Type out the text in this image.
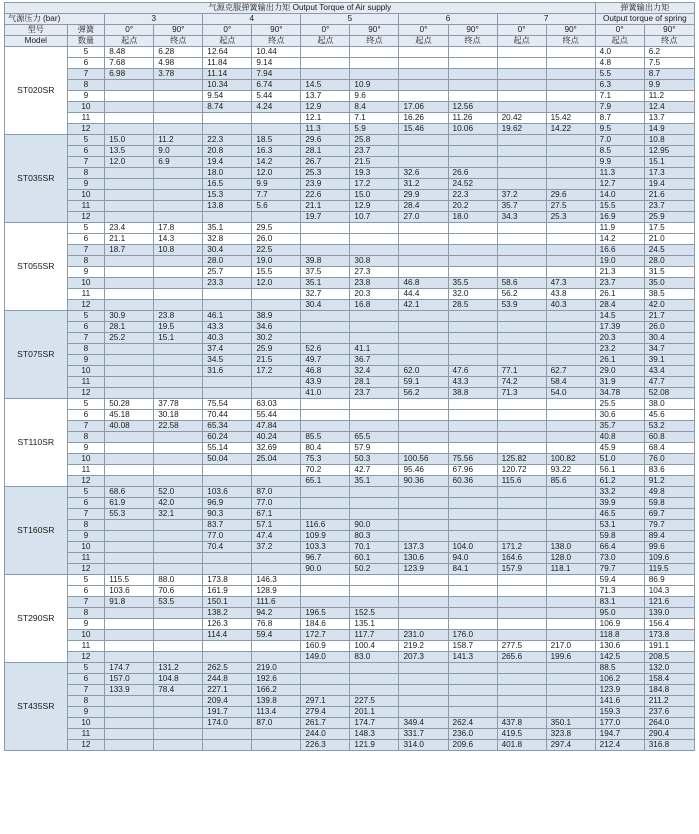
气源克服弹簧输出力矩 Output Torque of Air supply												弹簧输出力矩	
气源压力 (bar)		3		4		5		6		7		Output torque of spring	
型号	弹簧	0°	90°	0°	90°	0°	90°	0°	90°	0°	90°	0°	90°
Model	数量	起点	终点	起点	终点	起点	终点	起点	终点	起点	终点	起点	终点
ST020SR	5	8.48	6.28	12.64	10.44							4.0	6.2
	6	7.68	4.98	11.84	9.14							4.8	7.5
	7	6.98	3.78	11.14	7.94							5.5	8.7
	8			10.34	6.74	14.5	10.9					6.3	9.9
	9			9.54	5.44	13.7	9.6					7.1	11.2
	10			8.74	4.24	12.9	8.4	17.06	12.56			7.9	12.4
	11					12.1	7.1	16.26	11.26	20.42	15.42	8.7	13.7
	12					11.3	5.9	15.46	10.06	19.62	14.22	9.5	14.9
ST035SR	5	15.0	11.2	22.3	18.5	29.6	25.8					7.0	10.8
	6	13.5	9.0	20.8	16.3	28.1	23.7					8.5	12.95
	7	12.0	6.9	19.4	14.2	26.7	21.5					9.9	15.1
	8			18.0	12.0	25.3	19.3	32.6	26.6			11.3	17.3
	9			16.5	9.9	23.9	17.2	31.2	24.52			12.7	19.4
	10			15.3	7.7	22.6	15.0	29.9	22.3	37.2	29.6	14.0	21.6
	11			13.8	5.6	21.1	12.9	28.4	20.2	35.7	27.5	15.5	23.7
	12					19.7	10.7	27.0	18.0	34.3	25.3	16.9	25.9
ST055SR	5	23.4	17.8	35.1	29.5							11.9	17.5
	6	21.1	14.3	32.8	26.0							14.2	21.0
	7	18.7	10.8	30.4	22.5							16.6	24.5
	8			28.0	19.0	39.8	30.8					19.0	28.0
	9			25.7	15.5	37.5	27.3					21.3	31.5
	10			23.3	12.0	35.1	23.8	46.8	35.5	58.6	47.3	23.7	35.0
	11					32.7	20.3	44.4	32.0	56.2	43.8	26.1	38.5
	12					30.4	16.8	42.1	28.5	53.9	40.3	28.4	42.0
ST075SR	5	30.9	23.8	46.1	38.9							14.5	21.7
	6	28.1	19.5	43.3	34.6							17.39	26.0
	7	25.2	15.1	40.3	30.2							20.3	30.4
	8			37.4	25.9	52.6	41.1					23.2	34.7
	9			34.5	21.5	49.7	36.7					26.1	39.1
	10			31.6	17.2	46.8	32.4	62.0	47.6	77.1	62.7	29.0	43.4
	11					43.9	28.1	59.1	43.3	74.2	58.4	31.9	47.7
	12					41.0	23.7	56.2	38.8	71.3	54.0	34.78	52.08
ST110SR	5	50.28	37.78	75.54	63.03							25.5	38.0
	6	45.18	30.18	70.44	55.44							30.6	45.6
	7	40.08	22.58	65.34	47.84							35.7	53.2
	8			60.24	40.24	85.5	65.5					40.8	60.8
	9			55.14	32.69	80.4	57.9					45.9	68.4
	10			50.04	25.04	75.3	50.3	100.56	75.56	125.82	100.82	51.0	76.0
	11					70.2	42.7	95.46	67.96	120.72	93.22	56.1	83.6
	12					65.1	35.1	90.36	60.36	115.6	85.6	61.2	91.2
ST160SR	5	68.6	52.0	103.6	87.0							33.2	49.8
	6	61.9	42.0	96.9	77.0							39.9	59.8
	7	55.3	32.1	90.3	67.1							46.5	69.7
	8			83.7	57.1	116.6	90.0					53.1	79.7
	9			77.0	47.4	109.9	80.3					59.8	89.4
	10			70.4	37.2	103.3	70.1	137.3	104.0	171.2	138.0	66.4	99.6
	11					96.7	60.1	130.6	94.0	164.6	128.0	73.0	109.6
	12					90.0	50.2	123.9	84.1	157.9	118.1	79.7	119.5
ST290SR	5	115.5	88.0	173.8	146.3							59.4	86.9
	6	103.6	70.6	161.9	128.9							71.3	104.3
	7	91.8	53.5	150.1	111.6							83.1	121.6
	8			138.2	94.2	196.5	152.5					95.0	139.0
	9			126.3	76.8	184.6	135.1					106.9	156.4
	10			114.4	59.4	172.7	117.7	231.0	176.0			118.8	173.8
	11					160.9	100.4	219.2	158.7	277.5	217.0	130.6	191.1
	12					149.0	83.0	207.3	141.3	265.6	199.6	142.5	208.5
ST435SR	5	174.7	131.2	262.5	219.0							88.5	132.0
	6	157.0	104.8	244.8	192.6							106.2	158.4
	7	133.9	78.4	227.1	166.2							123.9	184.8
	8			209.4	139.8	297.1	227.5					141.6	211.2
	9			191.7	113.4	279.4	201.1					159.3	237.6
	10			174.0	87.0	261.7	174.7	349.4	262.4	437.8	350.1	177.0	264.0
	11					244.0	148.3	331.7	236.0	419.5	323.8	194.7	290.4
	12					226.3	121.9	314.0	209.6	401.8	297.4	212.4	316.8
